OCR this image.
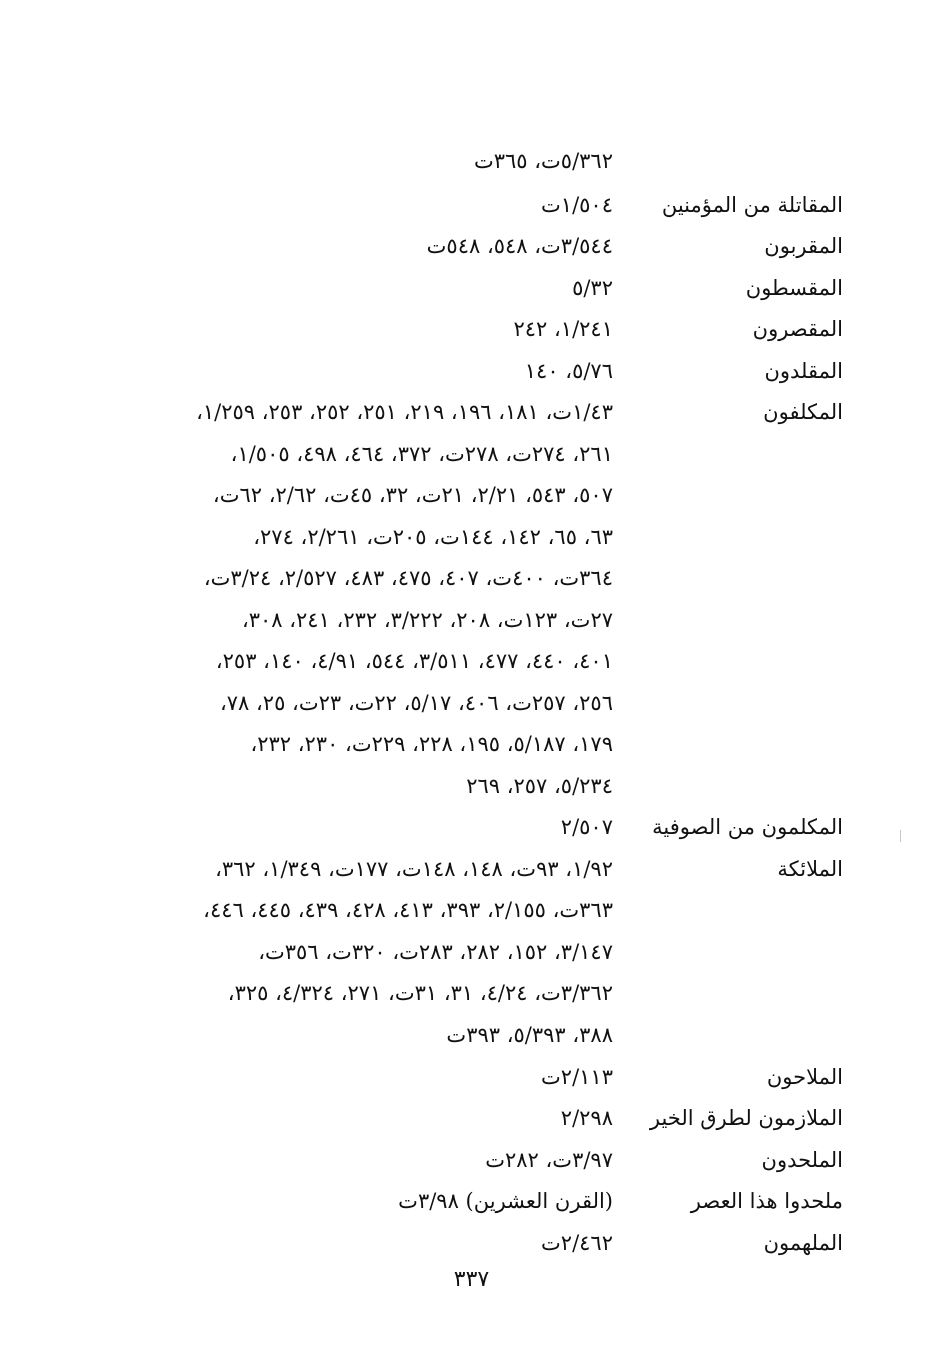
٥/٣٦٢ت، ٣٦٥ت
المقاتلة من المؤمنين
١/٥٠٤ت
المقربون
٣/٥٤٤ت، ٥٤٨، ٥٤٨ت
المقسطون
٥/٣٢
المقصرون
١/٢٤١، ٢٤٢
المقلدون
٥/٧٦، ١٤٠
المكلفون
١/٤٣ت، ١٨١، ١٩٦، ٢١٩، ٢٥١، ٢٥٢، ٢٥٣، ١/٢٥٩،
٢٦١، ٢٧٤ت، ٢٧٨ت، ٣٧٢، ٤٦٤، ٤٩٨، ١/٥٠٥،
٥٠٧، ٥٤٣، ٢/٢١، ٢١ت، ٣٢، ٤٥ت، ٢/٦٢، ٦٢ت،
٦٣، ٦٥، ١٤٢، ١٤٤ت، ٢٠٥ت، ٢/٢٦١، ٢٧٤،
٣٦٤ت، ٤٠٠ت، ٤٠٧، ٤٧٥، ٤٨٣، ٢/٥٢٧، ٣/٢٤ت،
٢٧ت، ١٢٣ت، ٢٠٨، ٣/٢٢٢، ٢٣٢، ٢٤١، ٣٠٨،
٤٠١، ٤٤٠، ٤٧٧، ٣/٥١١، ٥٤٤، ٤/٩١، ١٤٠، ٢٥٣،
٢٥٦، ٢٥٧ت، ٤٠٦، ٥/١٧، ٢٢ت، ٢٣ت، ٢٥، ٧٨،
١٧٩، ٥/١٨٧، ١٩٥، ٢٢٨، ٢٢٩ت، ٢٣٠، ٢٣٢،
٥/٢٣٤، ٢٥٧، ٢٦٩
المكلمون من الصوفية
٢/٥٠٧
الملائكة
١/٩٢، ٩٣ت، ١٤٨، ١٤٨ت، ١٧٧ت، ١/٣٤٩، ٣٦٢،
٣٦٣ت، ٢/١٥٥، ٣٩٣، ٤١٣، ٤٢٨، ٤٣٩، ٤٤٥، ٤٤٦،
٣/١٤٧، ١٥٢، ٢٨٢، ٢٨٣ت، ٣٢٠ت، ٣٥٦ت،
٣/٣٦٢ت، ٤/٢٤، ٣١، ٣١ت، ٢٧١، ٤/٣٢٤، ٣٢٥،
٣٨٨، ٥/٣٩٣، ٣٩٣ت
الملاحون
٢/١١٣ت
الملازمون لطرق الخير
٢/٢٩٨
الملحدون
٣/٩٧ت، ٢٨٢ت
ملحدوا هذا العصر
(القرن العشرين) ٣/٩٨ت
الملهمون
٢/٤٦٢ت
٣٣٧
